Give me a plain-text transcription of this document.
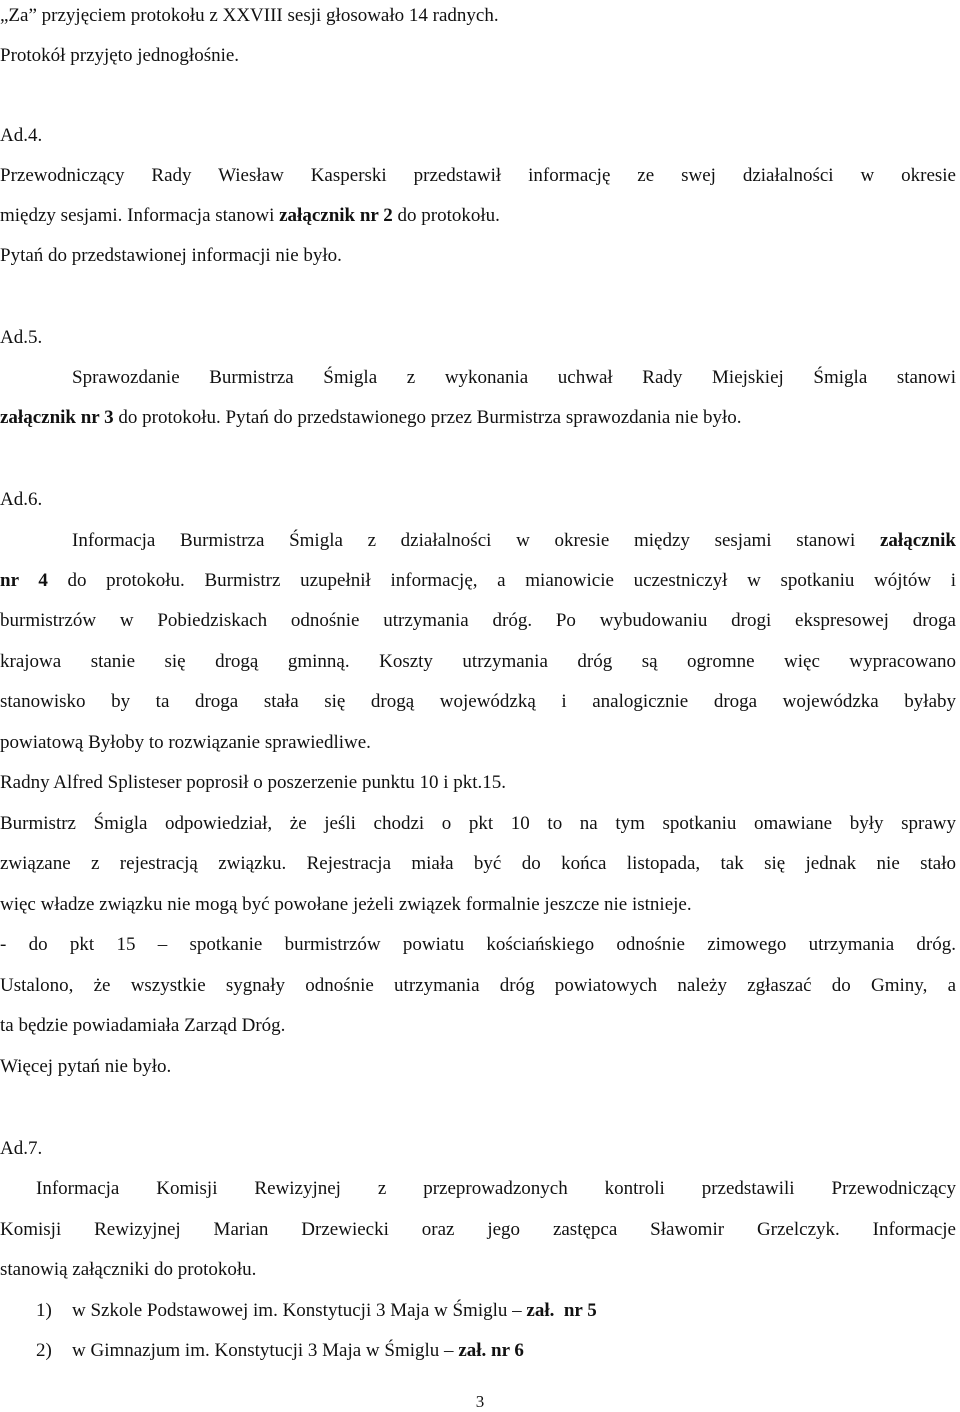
„Za” przyjęciem protokołu z XXVIII sesji głosowało 14 radnych.
Protokół przyjęto jednogłośnie.
Ad.4.
Przewodniczący Rady Wiesław Kasperski przedstawił informację ze swej działalności w okresie
między sesjami. Informacja stanowi załącznik nr 2 do protokołu.
Pytań do przedstawionej informacji nie było.
Ad.5.
Sprawozdanie Burmistrza Śmigla z wykonania uchwał Rady Miejskiej Śmigla stanowi
załącznik nr 3 do protokołu. Pytań do przedstawionego przez Burmistrza sprawozdania nie było.
Ad.6.
Informacja Burmistrza Śmigla z działalności w okresie między sesjami stanowi załącznik
nr 4 do protokołu. Burmistrz uzupełnił informację, a mianowicie uczestniczył w spotkaniu wójtów i
burmistrzów w Pobiedziskach odnośnie utrzymania dróg. Po wybudowaniu drogi ekspresowej droga
krajowa stanie się drogą gminną. Koszty utrzymania dróg są ogromne więc wypracowano
stanowisko by ta droga stała się drogą wojewódzką i analogicznie droga wojewódzka byłaby
powiatową Byłoby to rozwiązanie sprawiedliwe.
Radny Alfred Splisteser poprosił o poszerzenie punktu 10 i pkt.15.
Burmistrz Śmigla odpowiedział, że jeśli chodzi o pkt 10 to na tym spotkaniu omawiane były sprawy
związane z rejestracją związku. Rejestracja miała być do końca listopada, tak się jednak nie stało
więc władze związku nie mogą być powołane jeżeli związek formalnie jeszcze nie istnieje.
- do pkt 15 – spotkanie burmistrzów powiatu kościańskiego odnośnie zimowego utrzymania dróg.
Ustalono, że wszystkie sygnały odnośnie utrzymania dróg powiatowych należy zgłaszać do Gminy, a
ta będzie powiadamiała Zarząd Dróg.
Więcej pytań nie było.
Ad.7.
Informacja Komisji Rewizyjnej z przeprowadzonych kontroli przedstawili Przewodniczący
Komisji Rewizyjnej Marian Drzewiecki oraz jego zastępca Sławomir Grzelczyk. Informacje
stanowią załączniki do protokołu.
1) w Szkole Podstawowej im. Konstytucji 3 Maja w Śmiglu – zał.  nr 5
2) w Gimnazjum im. Konstytucji 3 Maja w Śmiglu – zał. nr 6
3
